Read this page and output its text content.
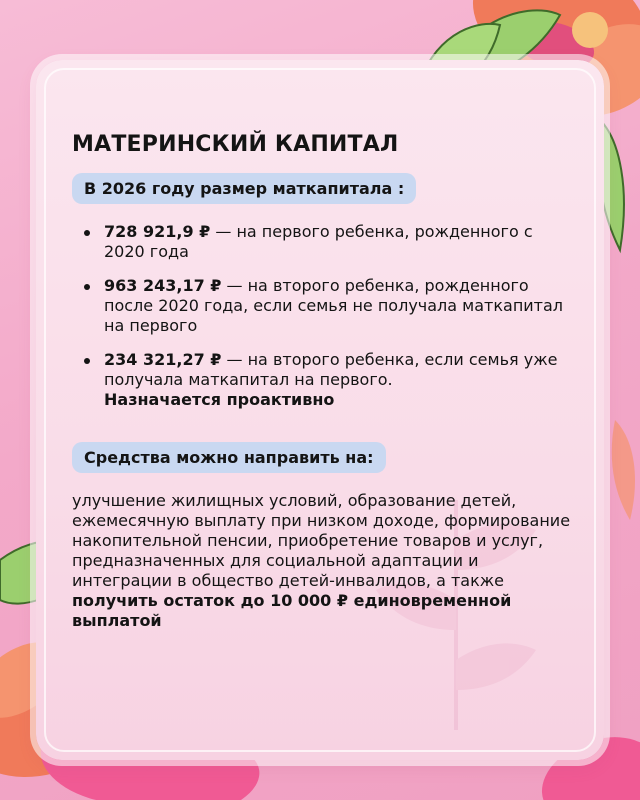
МАТЕРИНСКИЙ КАПИТАЛ
В 2026 году размер маткапитала :
728 921,9 ₽ — на первого ребенка, рожденного с 2020 года
963 243,17 ₽ — на второго ребенка, рожденного после 2020 года, если семья не получала маткапитал на первого
234 321,27 ₽ — на второго ребенка, если семья уже получала маткапитал на первого.
Назначается проактивно
Средства можно направить на:

улучшение жилищных условий, образование детей, ежемесячную выплату при низком доходе, формирование накопительной пенсии, приобретение товаров и услуг, предназначенных для социальной адаптации и интеграции в общество детей-инвалидов, а также получить остаток до 10 000 ₽ единовременной выплатой
